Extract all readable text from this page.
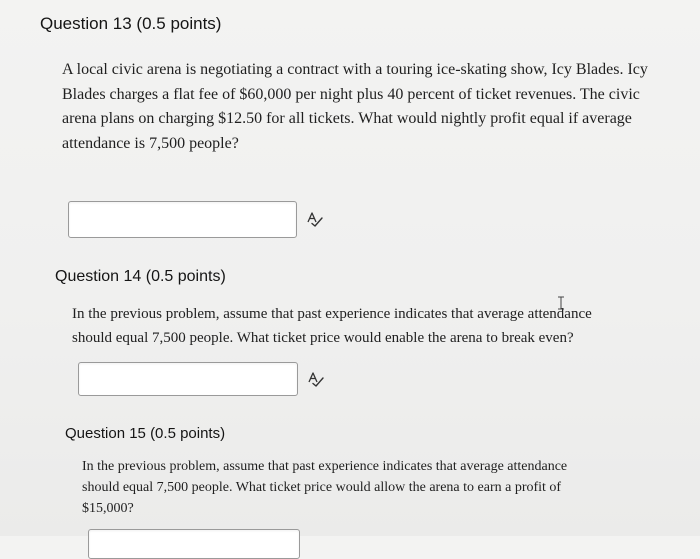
Question 13 (0.5 points)

A local civic arena is negotiating a contract with a touring ice-skating show, Icy Blades. Icy

Blades charges a flat fee of $60,000 per night plus 40 percent of ticket revenues. The civic

arena plans on charging $12.50 for all tickets. What would nightly profit equal if average

attendance is 7,500 people?

Question 14 (0.5 points)

In the previous problem, assume that past experience indicates that average attendance

should equal 7,500 people. What ticket price would enable the arena to break even?

Question 15 (0.5 points)

In the previous problem, assume that past experience indicates that average attendance

should equal 7,500 people. What ticket price would allow the arena to earn a profit of

$15,000?
